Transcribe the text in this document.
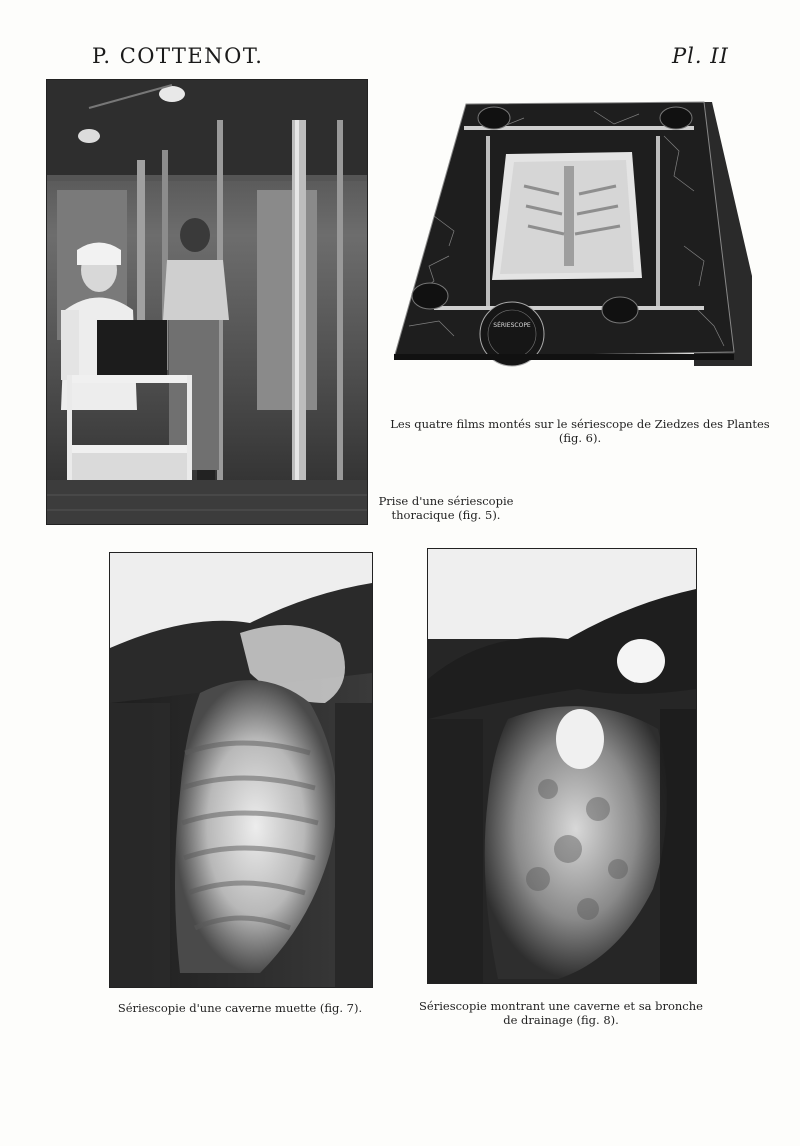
P. COTTENOT.	Pl. II
Prise d'une sériescopie
thoracique (fig. 5).
SÉRIESCOPE
Les quatre films montés sur le sériescope de Ziedzes des Plantes
(fig. 6).
Sériescopie d'une caverne muette (fig. 7).	Sériescopie montrant une caverne et sa bronche
de drainage (fig. 8).
